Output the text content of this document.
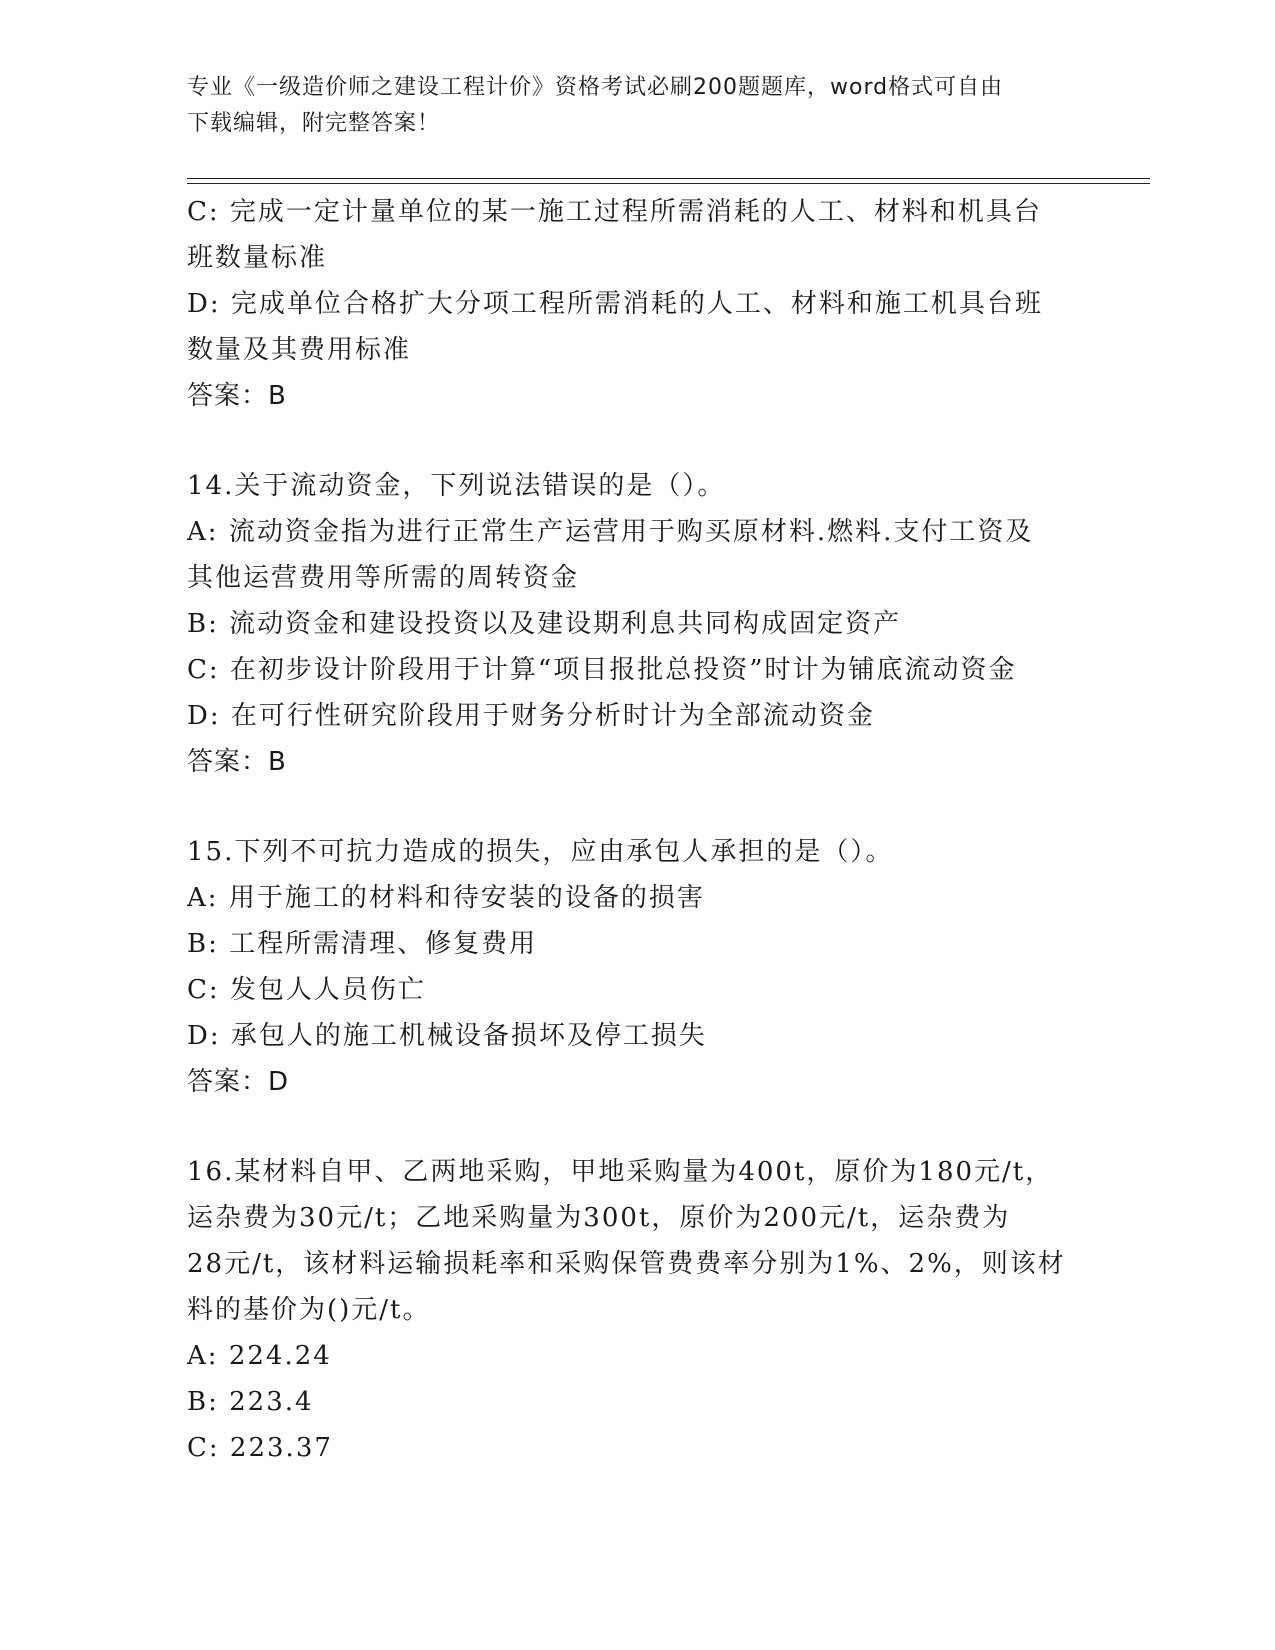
专业《一级造价师之建设工程计价》资格考试必刷200题题库，word格式可自由
下载编辑，附完整答案！
C: 完成一定计量单位的某一施工过程所需消耗的人工、材料和机具台
班数量标准
D: 完成单位合格扩大分项工程所需消耗的人工、材料和施工机具台班
数量及其费用标准
答案：B
14.关于流动资金，下列说法错误的是（）。
A: 流动资金指为进行正常生产运营用于购买原材料.燃料.支付工资及
其他运营费用等所需的周转资金
B: 流动资金和建设投资以及建设期利息共同构成固定资产
C: 在初步设计阶段用于计算“项目报批总投资”时计为铺底流动资金
D: 在可行性研究阶段用于财务分析时计为全部流动资金
答案：B
15.下列不可抗力造成的损失，应由承包人承担的是（）。
A: 用于施工的材料和待安装的设备的损害
B: 工程所需清理、修复费用
C: 发包人人员伤亡
D: 承包人的施工机械设备损坏及停工损失
答案：D
16.某材料自甲、乙两地采购，甲地采购量为400t，原价为180元/t，
运杂费为30元/t；乙地采购量为300t，原价为200元/t，运杂费为
28元/t，该材料运输损耗率和采购保管费费率分别为1%、2%，则该材
料的基价为()元/t。
A: 224.24
B: 223.4
C: 223.37
